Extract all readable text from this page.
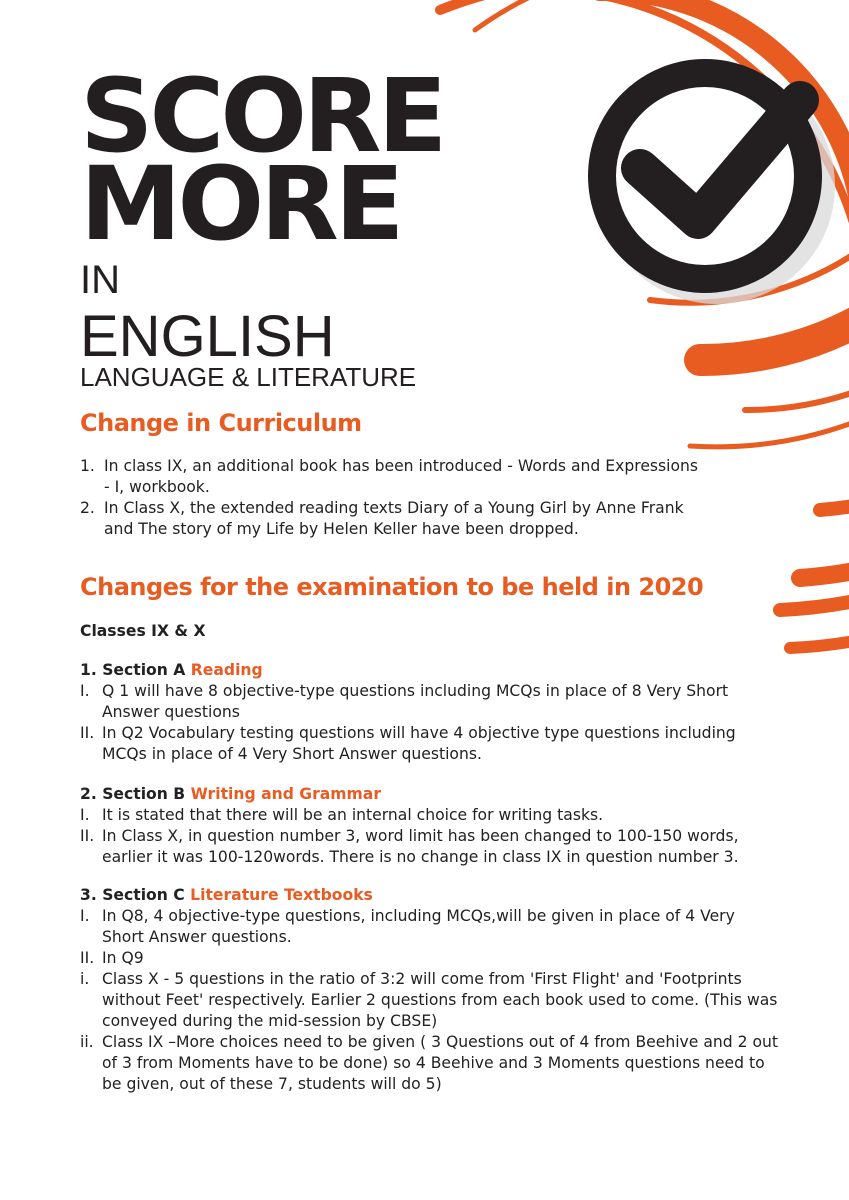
SCORE
MORE
IN
ENGLISH
LANGUAGE & LITERATURE
Change in Curriculum
1. In class IX, an additional book has been introduced - Words and Expressions - I, workbook.
2. In Class X, the extended reading texts Diary of a Young Girl by Anne Frank and The story of my Life by Helen Keller have been dropped.
Changes for the examination to be held in 2020
Classes IX & X

1. Section A Reading

I. Q 1 will have 8 objective-type questions including MCQs in place of 8 Very Short Answer questions
II. In Q2 Vocabulary testing questions will have 4 objective type questions including MCQs in place of 4 Very Short Answer questions.

2. Section B Writing and Grammar

I. It is stated that there will be an internal choice for writing tasks.
II. In Class X, in question number 3, word limit has been changed to 100-150 words, earlier it was 100-120words. There is no change in class IX in question number 3.

3. Section C Literature Textbooks

I. In Q8, 4 objective-type questions, including MCQs,will be given in place of 4 Very Short Answer questions.
II. In Q9
i. Class X - 5 questions in the ratio of 3:2 will come from 'First Flight' and 'Footprints without Feet' respectively. Earlier 2 questions from each book used to come. (This was conveyed during the mid-session by CBSE)
ii. Class IX –More choices need to be given ( 3 Questions out of 4 from Beehive and 2 out of 3 from Moments have to be done) so 4 Beehive and 3 Moments questions need to be given, out of these 7, students will do 5)
